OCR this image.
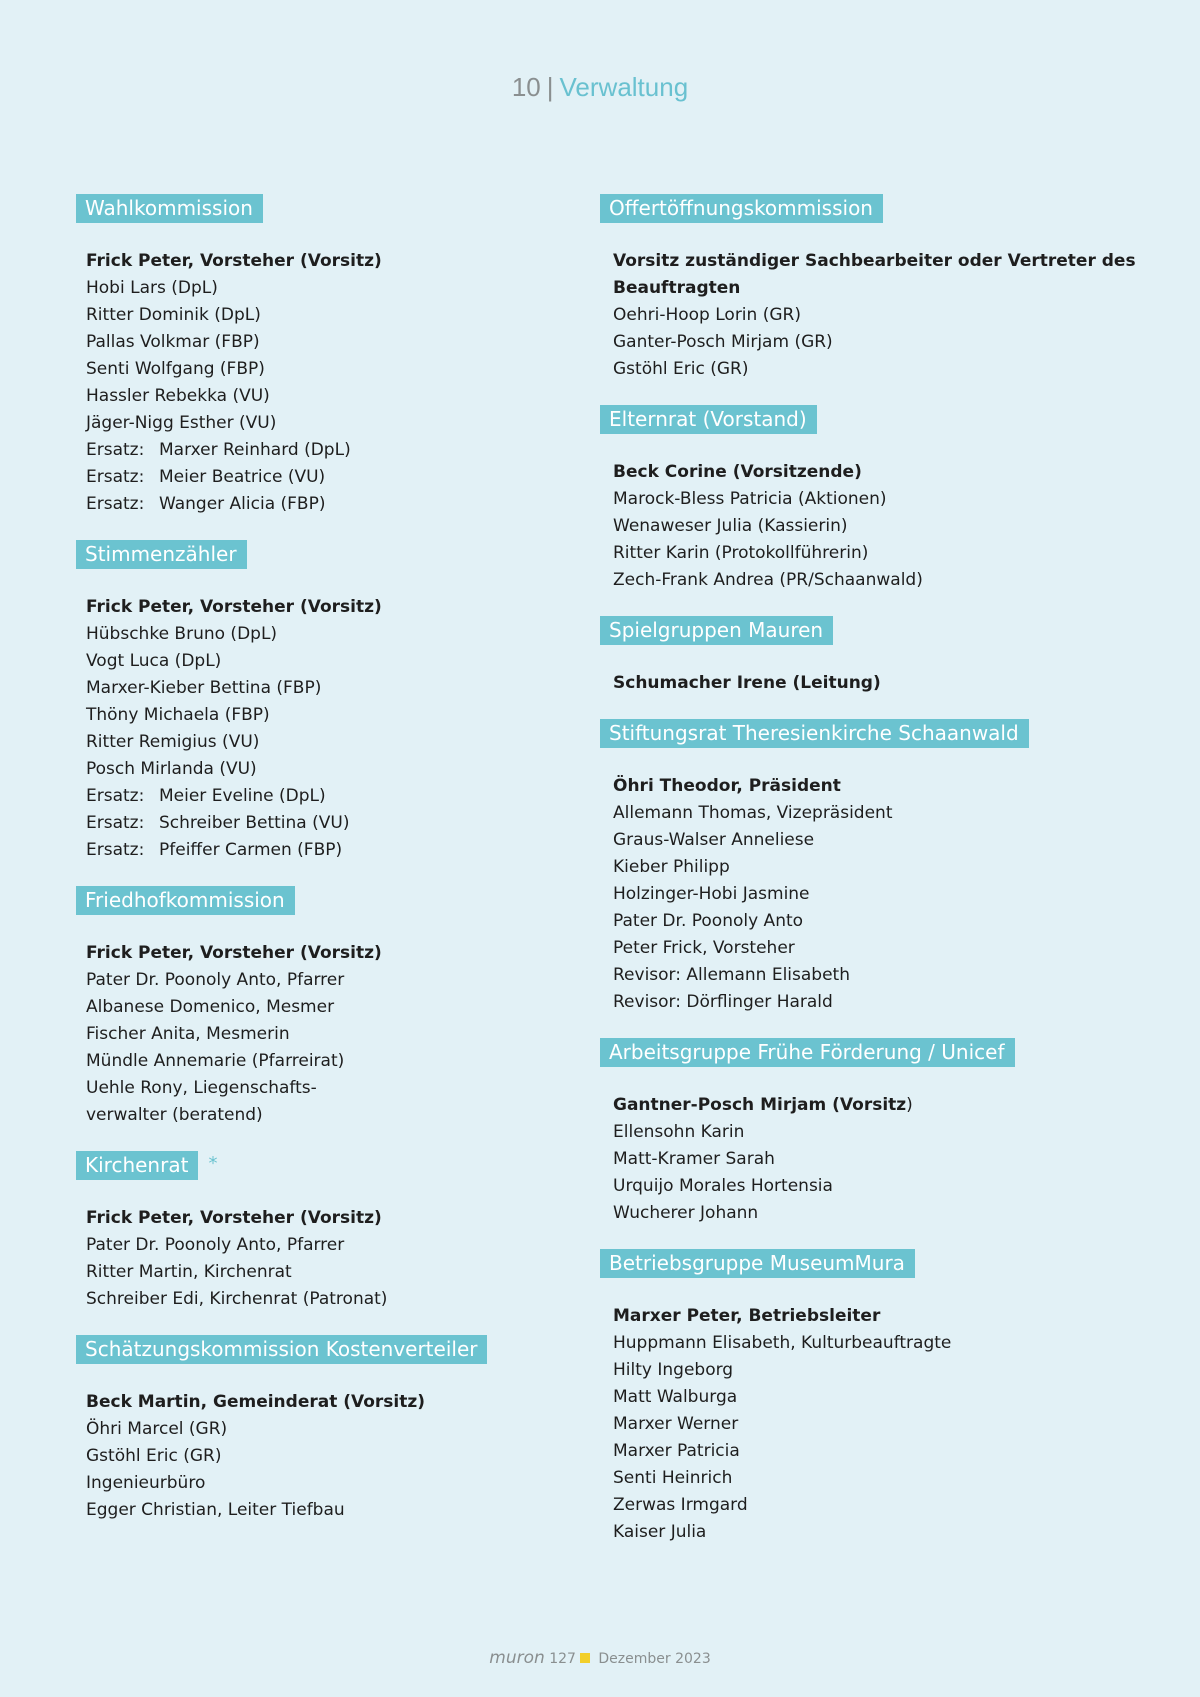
10 | Verwaltung
Wahlkommission
Frick Peter, Vorsteher (Vorsitz)
Hobi Lars (DpL)
Ritter Dominik (DpL)
Pallas Volkmar (FBP)
Senti Wolfgang (FBP)
Hassler Rebekka (VU)
Jäger-Nigg Esther (VU)
Ersatz: Marxer Reinhard (DpL)
Ersatz: Meier Beatrice (VU)
Ersatz: Wanger Alicia (FBP)
Stimmenzähler
Frick Peter, Vorsteher (Vorsitz)
Hübschke Bruno (DpL)
Vogt Luca (DpL)
Marxer-Kieber Bettina (FBP)
Thöny Michaela (FBP)
Ritter Remigius (VU)
Posch Mirlanda (VU)
Ersatz: Meier Eveline (DpL)
Ersatz: Schreiber Bettina (VU)
Ersatz: Pfeiffer Carmen (FBP)
Friedhofkommission
Frick Peter, Vorsteher (Vorsitz)
Pater Dr. Poonoly Anto, Pfarrer
Albanese Domenico, Mesmer
Fischer Anita, Mesmerin
Mündle Annemarie (Pfarreirat)
Uehle Rony, Liegenschafts-
verwalter (beratend)
Kirchenrat	*
Frick Peter, Vorsteher (Vorsitz)
Pater Dr. Poonoly Anto, Pfarrer
Ritter Martin, Kirchenrat
Schreiber Edi, Kirchenrat (Patronat)
Schätzungskommission Kostenverteiler
Beck Martin, Gemeinderat (Vorsitz)
Öhri Marcel (GR)
Gstöhl Eric (GR)
Ingenieurbüro
Egger Christian, Leiter Tiefbau
Offertöffnungskommission
Vorsitz zuständiger Sachbearbeiter oder Vertreter des Beauftragten
Oehri-Hoop Lorin (GR)
Ganter-Posch Mirjam (GR)
Gstöhl Eric (GR)
Elternrat (Vorstand)
Beck Corine (Vorsitzende)
Marock-Bless Patricia (Aktionen)
Wenaweser Julia (Kassierin)
Ritter Karin (Protokollführerin)
Zech-Frank Andrea (PR/Schaanwald)
Spielgruppen Mauren
Schumacher Irene (Leitung)
Stiftungsrat Theresienkirche Schaanwald
Öhri Theodor, Präsident
Allemann Thomas, Vizepräsident
Graus-Walser Anneliese
Kieber Philipp
Holzinger-Hobi Jasmine
Pater Dr. Poonoly Anto
Peter Frick, Vorsteher
Revisor: Allemann Elisabeth
Revisor: Dörflinger Harald
Arbeitsgruppe Frühe Förderung / Unicef
Gantner-Posch Mirjam (Vorsitz)
Ellensohn Karin
Matt-Kramer Sarah
Urquijo Morales Hortensia
Wucherer Johann
Betriebsgruppe MuseumMura
Marxer Peter, Betriebsleiter
Huppmann Elisabeth, Kulturbeauftragte
Hilty Ingeborg
Matt Walburga
Marxer Werner
Marxer Patricia
Senti Heinrich
Zerwas Irmgard
Kaiser Julia
muron 127 Dezember 2023
